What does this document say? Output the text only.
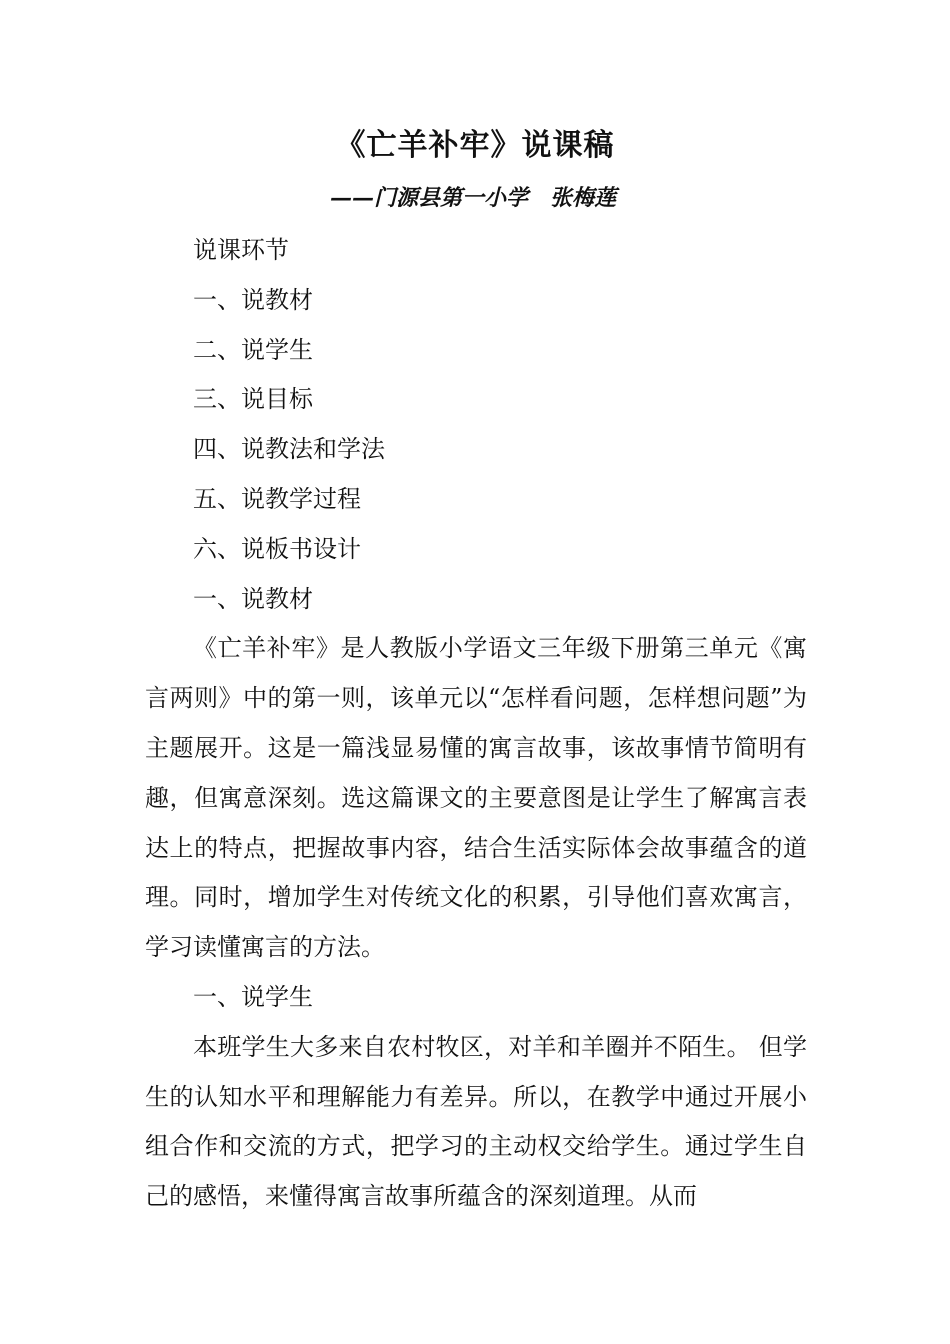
《亡羊补牢》说课稿
——门源县第一小学 张梅莲

说课环节

一、说教材

二、说学生

三、说目标

四、说教法和学法

五、说教学过程

六、说板书设计

一、说教材

《亡羊补牢》是人教版小学语文三年级下册第三单元《寓言两则》中的第一则，该单元以“怎样看问题，怎样想问题”为主题展开。这是一篇浅显易懂的寓言故事，该故事情节简明有趣，但寓意深刻。选这篇课文的主要意图是让学生了解寓言表达上的特点，把握故事内容，结合生活实际体会故事蕴含的道理。同时，增加学生对传统文化的积累，引导他们喜欢寓言，学习读懂寓言的方法。

一、说学生

本班学生大多来自农村牧区，对羊和羊圈并不陌生。 但学生的认知水平和理解能力有差异。所以，在教学中通过开展小组合作和交流的方式，把学习的主动权交给学生。通过学生自己的感悟，来懂得寓言故事所蕴含的深刻道理。从而
